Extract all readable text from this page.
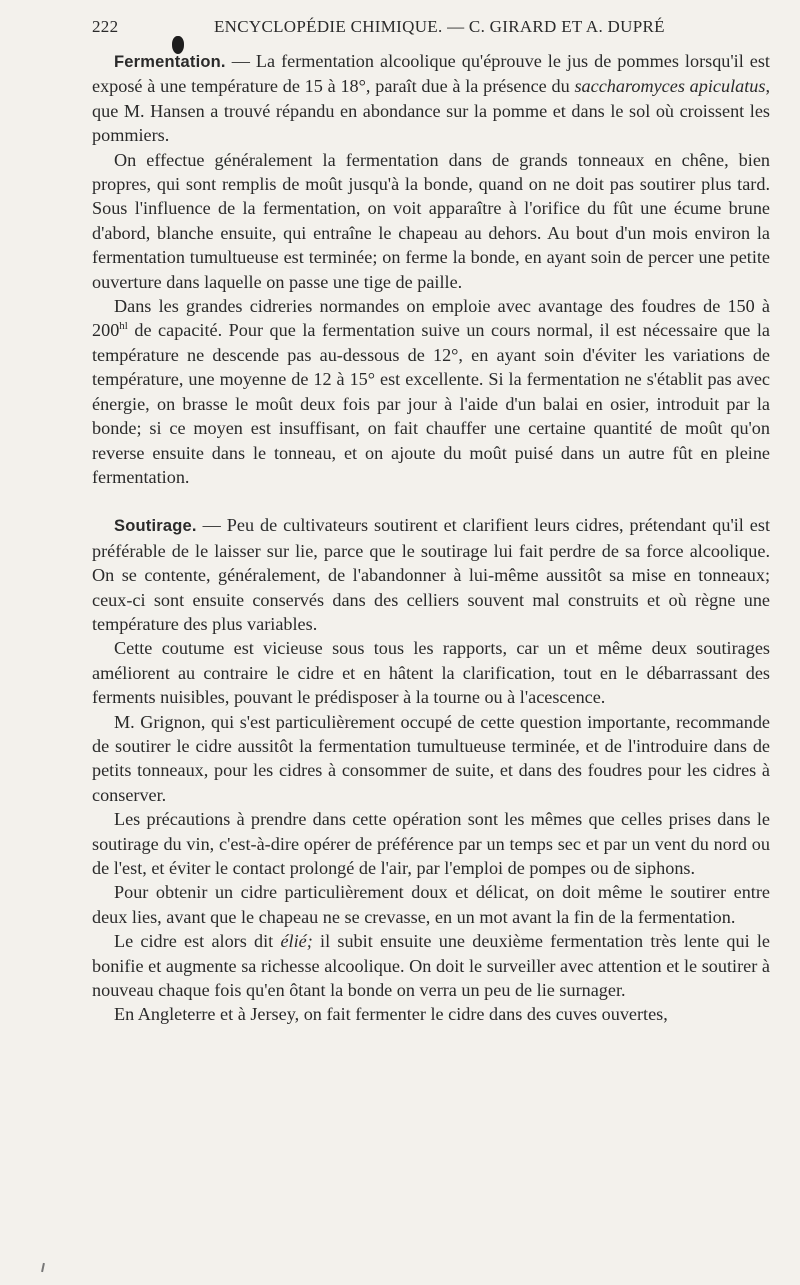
222	ENCYCLOPÉDIE CHIMIQUE. — C. GIRARD ET A. DUPRÉ

Fermentation. — La fermentation alcoolique qu'éprouve le jus de pommes lorsqu'il est exposé à une température de 15 à 18°, paraît due à la présence du saccharomyces apiculatus, que M. Hansen a trouvé répandu en abondance sur la pomme et dans le sol où croissent les pommiers.

On effectue généralement la fermentation dans de grands tonneaux en chêne, bien propres, qui sont remplis de moût jusqu'à la bonde, quand on ne doit pas soutirer plus tard. Sous l'influence de la fermentation, on voit apparaître à l'orifice du fût une écume brune d'abord, blanche ensuite, qui entraîne le chapeau au dehors. Au bout d'un mois environ la fermentation tumultueuse est terminée; on ferme la bonde, en ayant soin de percer une petite ouverture dans laquelle on passe une tige de paille.

Dans les grandes cidreries normandes on emploie avec avantage des foudres de 150 à $200^{hl}$ de capacité. Pour que la fermentation suive un cours normal, il est nécessaire que la température ne descende pas au-dessous de 12°, en ayant soin d'éviter les variations de température, une moyenne de 12 à 15° est excellente. Si la fermentation ne s'établit pas avec énergie, on brasse le moût deux fois par jour à l'aide d'un balai en osier, introduit par la bonde; si ce moyen est insuffisant, on fait chauffer une certaine quantité de moût qu'on reverse ensuite dans le tonneau, et on ajoute du moût puisé dans un autre fût en pleine fermentation.

Soutirage. — Peu de cultivateurs soutirent et clarifient leurs cidres, prétendant qu'il est préférable de le laisser sur lie, parce que le soutirage lui fait perdre de sa force alcoolique. On se contente, généralement, de l'abandonner à lui-même aussitôt sa mise en tonneaux; ceux-ci sont ensuite conservés dans des celliers souvent mal construits et où règne une température des plus variables.

Cette coutume est vicieuse sous tous les rapports, car un et même deux soutirages améliorent au contraire le cidre et en hâtent la clarification, tout en le débarrassant des ferments nuisibles, pouvant le prédisposer à la tourne ou à l'acescence.

M. Grignon, qui s'est particulièrement occupé de cette question importante, recommande de soutirer le cidre aussitôt la fermentation tumultueuse terminée, et de l'introduire dans de petits tonneaux, pour les cidres à consommer de suite, et dans des foudres pour les cidres à conserver.

Les précautions à prendre dans cette opération sont les mêmes que celles prises dans le soutirage du vin, c'est-à-dire opérer de préférence par un temps sec et par un vent du nord ou de l'est, et éviter le contact prolongé de l'air, par l'emploi de pompes ou de siphons.

Pour obtenir un cidre particulièrement doux et délicat, on doit même le soutirer entre deux lies, avant que le chapeau ne se crevasse, en un mot avant la fin de la fermentation.

Le cidre est alors dit élié; il subit ensuite une deuxième fermentation très lente qui le bonifie et augmente sa richesse alcoolique. On doit le surveiller avec attention et le soutirer à nouveau chaque fois qu'en ôtant la bonde on verra un peu de lie surnager.

En Angleterre et à Jersey, on fait fermenter le cidre dans des cuves ouvertes,
